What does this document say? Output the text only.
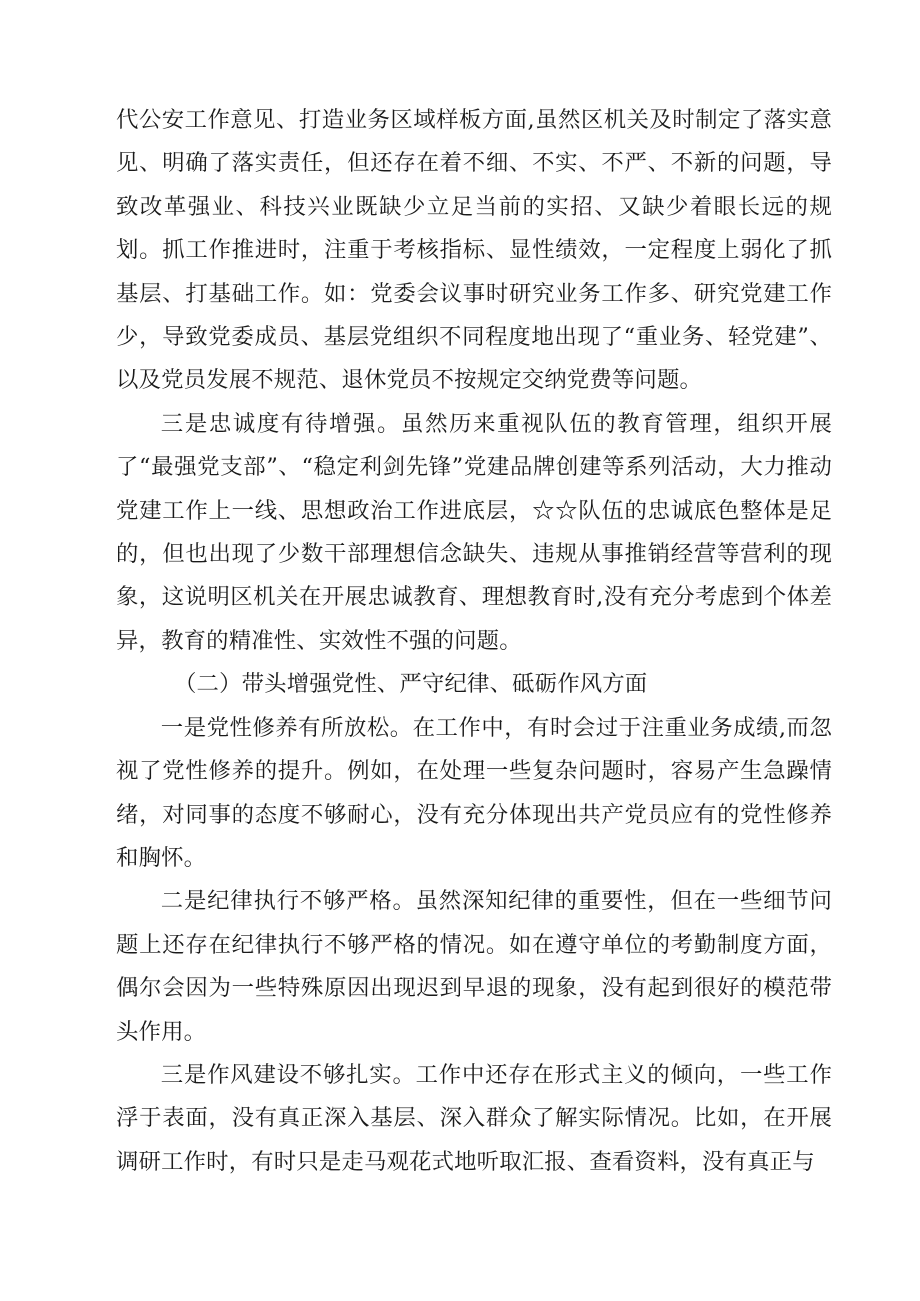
代公安工作意见、打造业务区域样板方面,虽然区机关及时制定了落实意见、明确了落实责任，但还存在着不细、不实、不严、不新的问题，导致改革强业、科技兴业既缺少立足当前的实招、又缺少着眼长远的规划。抓工作推进时，注重于考核指标、显性绩效，一定程度上弱化了抓基层、打基础工作。如：党委会议事时研究业务工作多、研究党建工作少，导致党委成员、基层党组织不同程度地出现了“重业务、轻党建”、以及党员发展不规范、退休党员不按规定交纳党费等问题。

三是忠诚度有待增强。虽然历来重视队伍的教育管理，组织开展了“最强党支部”、“稳定利剑先锋”党建品牌创建等系列活动，大力推动党建工作上一线、思想政治工作进底层，☆☆队伍的忠诚底色整体是足的，但也出现了少数干部理想信念缺失、违规从事推销经营等营利的现象，这说明区机关在开展忠诚教育、理想教育时,没有充分考虑到个体差异，教育的精准性、实效性不强的问题。

（二）带头增强党性、严守纪律、砥砺作风方面

一是党性修养有所放松。在工作中，有时会过于注重业务成绩,而忽视了党性修养的提升。例如，在处理一些复杂问题时，容易产生急躁情绪，对同事的态度不够耐心，没有充分体现出共产党员应有的党性修养和胸怀。

二是纪律执行不够严格。虽然深知纪律的重要性，但在一些细节问题上还存在纪律执行不够严格的情况。如在遵守单位的考勤制度方面，偶尔会因为一些特殊原因出现迟到早退的现象，没有起到很好的模范带头作用。

三是作风建设不够扎实。工作中还存在形式主义的倾向，一些工作浮于表面，没有真正深入基层、深入群众了解实际情况。比如，在开展调研工作时，有时只是走马观花式地听取汇报、查看资料，没有真正与
